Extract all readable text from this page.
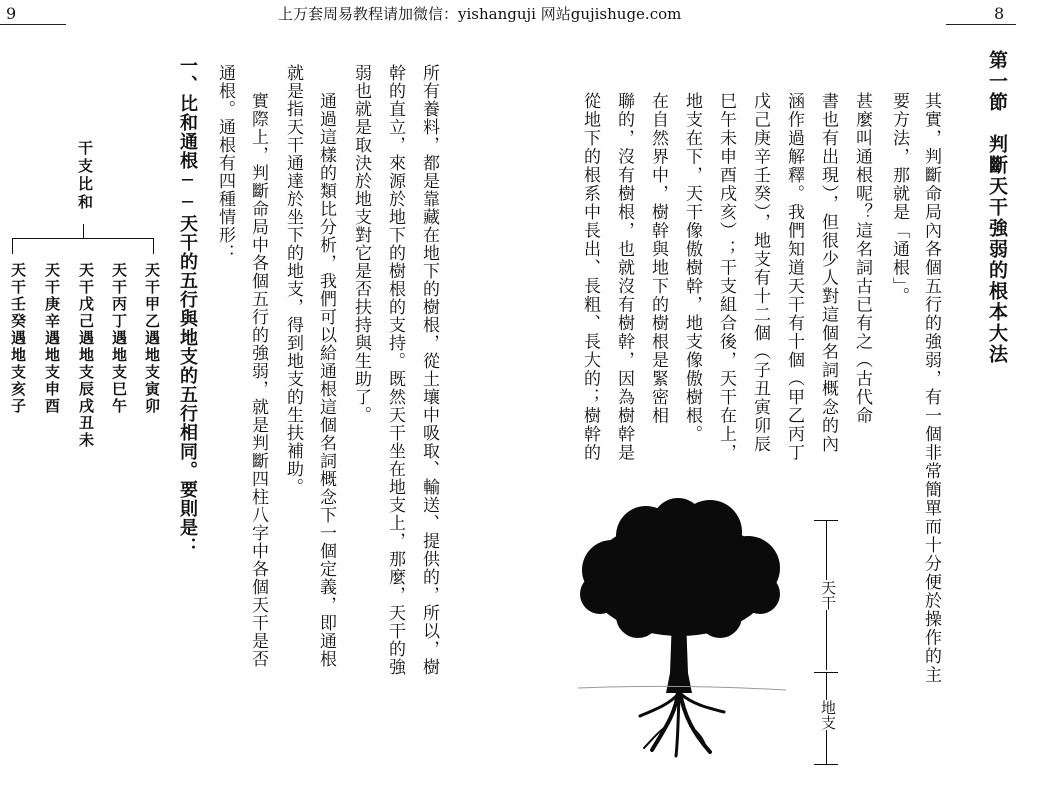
9	上万套周易教程请加微信：yishanguji 网站gujishuge.com	8
第一節　判斷天干強弱的根本大法
其實，判斷命局內各個五行的強弱，有一個非常簡單而十分便於操作的主
要方法，那就是「通根」。
甚麼叫通根呢？這名詞古已有之（古代命
書也有出現），但很少人對這個名詞概念的內
涵作過解釋。我們知道天干有十個（甲乙丙丁
戊己庚辛壬癸），地支有十二個（子丑寅卯辰
巳午未申酉戌亥）；干支組合後，天干在上，
地支在下，天干像傲樹幹，地支像傲樹根。
在自然界中，樹幹與地下的樹根是緊密相
聯的，沒有樹根，也就沒有樹幹，因為樹幹是
從地下的根系中長出、長粗、長大的；樹幹的
天干
地支
所有養料，都是靠藏在地下的樹根，從土壤中吸取、輸送、提供的，所以，樹
幹的直立，來源於地下的樹根的支持。既然天干坐在地支上，那麼，天干的強
弱也就是取決於地支對它是否扶持與生助了。
通過這樣的類比分析，我們可以給通根這個名詞概念下一個定義，即通根
就是指天干通達於坐下的地支，得到地支的生扶補助。
實際上，判斷命局中各個五行的強弱，就是判斷四柱八字中各個天干是否
通根。通根有四種情形：
一、比和通根──天干的五行與地支的五行相同。要則是：
干支比和
天干甲乙遇地支寅卯
天干丙丁遇地支巳午
天干戊己遇地支辰戌丑未
天干庚辛遇地支申酉
天干壬癸遇地支亥子
